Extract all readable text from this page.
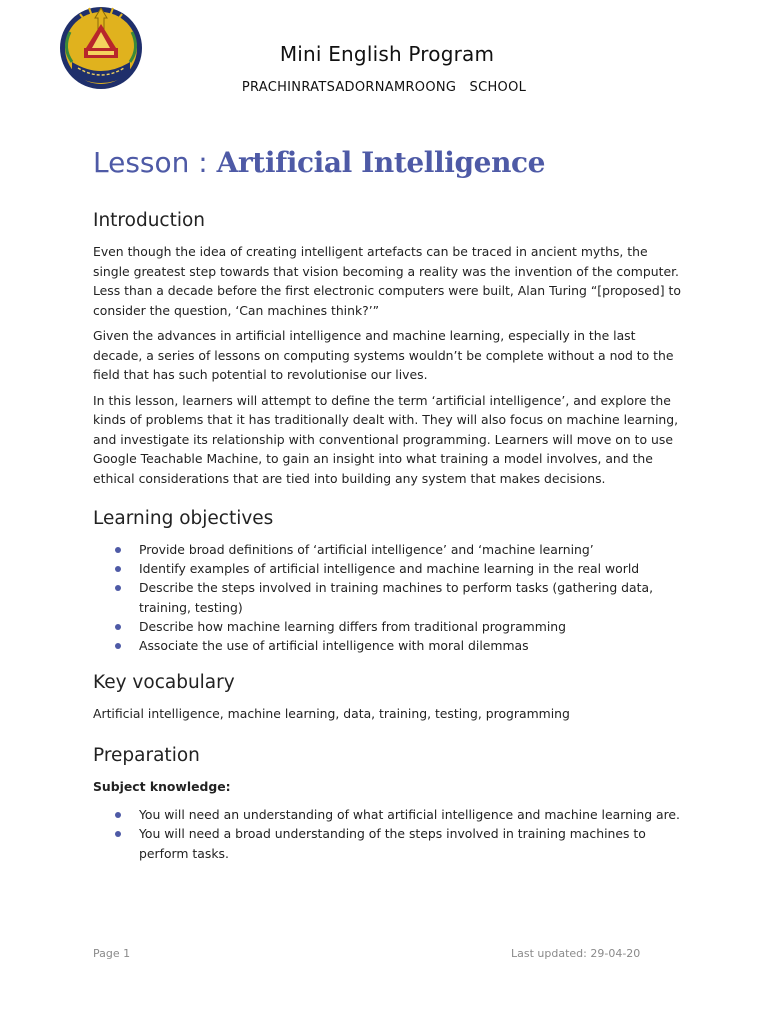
Mini English Program
PRACHINRATSADORNAMROONG   SCHOOL
Lesson : Artificial Intelligence
Introduction

Even though the idea of creating intelligent artefacts can be traced in ancient myths, the single greatest step towards that vision becoming a reality was the invention of the computer. Less than a decade before the first electronic computers were built, Alan Turing “[proposed] to consider the question, ‘Can machines think?’”

Given the advances in artificial intelligence and machine learning, especially in the last decade, a series of lessons on computing systems wouldn’t be complete without a nod to the field that has such potential to revolutionise our lives.

In this lesson, learners will attempt to define the term ‘artificial intelligence’, and explore the kinds of problems that it has traditionally dealt with. They will also focus on machine learning, and investigate its relationship with conventional programming. Learners will move on to use Google Teachable Machine, to gain an insight into what training a model involves, and the ethical considerations that are tied into building any system that makes decisions.

Learning objectives
Provide broad definitions of ‘artificial intelligence’ and ‘machine learning’
Identify examples of artificial intelligence and machine learning in the real world
Describe the steps involved in training machines to perform tasks (gathering data, training, testing)
Describe how machine learning differs from traditional programming
Associate the use of artificial intelligence with moral dilemmas
Key vocabulary

Artificial intelligence, machine learning, data, training, testing, programming

Preparation

Subject knowledge:

You will need an understanding of what artificial intelligence and machine learning are.
You will need a broad understanding of the steps involved in training machines to perform tasks.
Page 1	Last updated: 29-04-20
